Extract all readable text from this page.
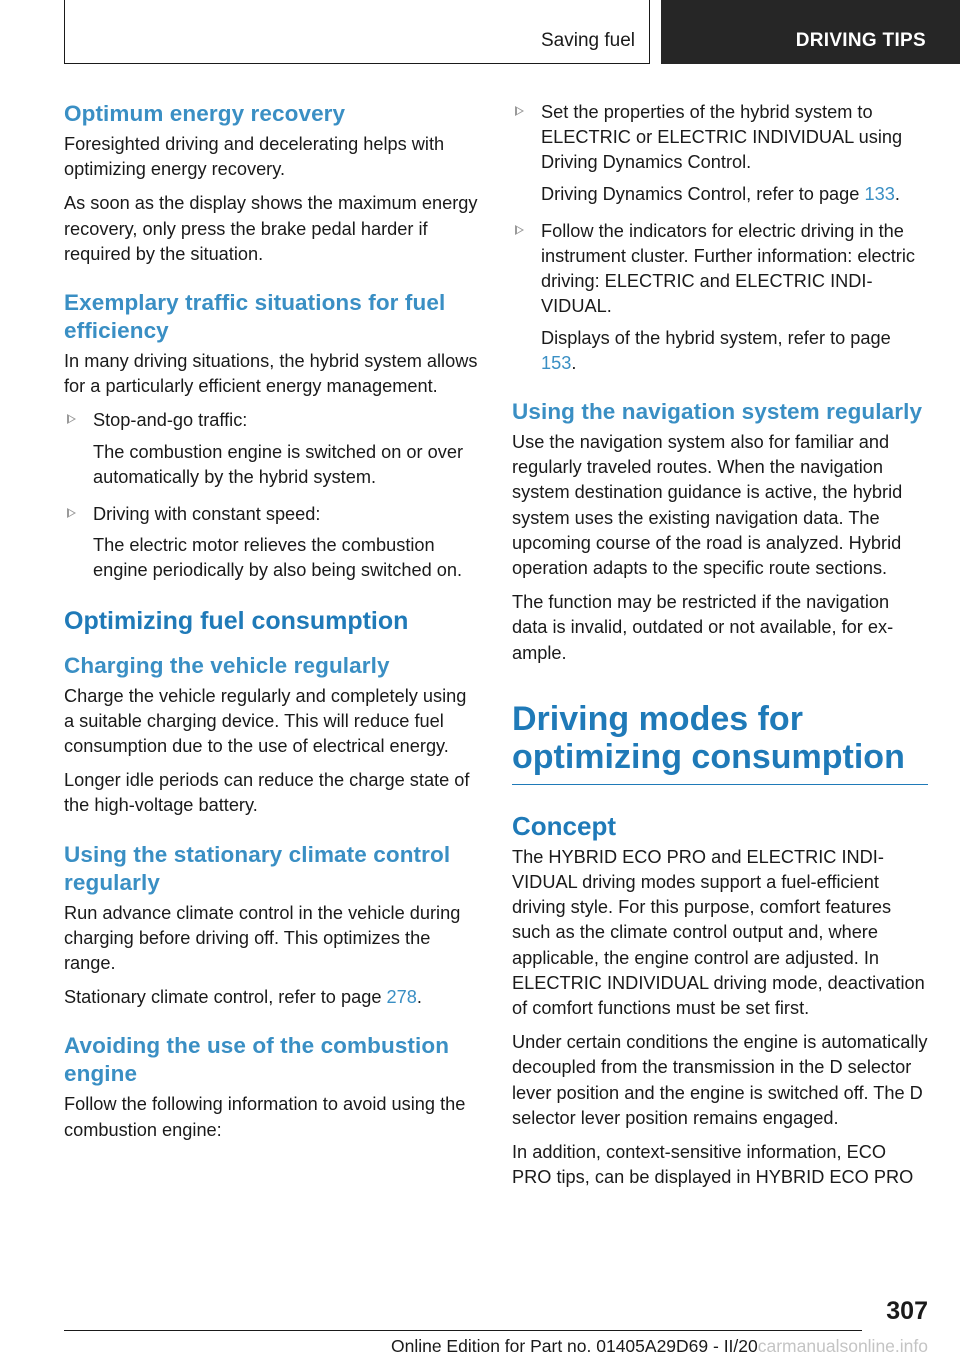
Saving fuel	DRIVING TIPS
Optimum energy recovery

Foresighted driving and decelerating helps with optimizing energy recovery.

As soon as the display shows the maximum energy recovery, only press the brake pedal harder if required by the situation.

Exemplary traffic situations for fuel efficiency

In many driving situations, the hybrid system allows for a particularly efficient energy management.

Stop-and-go traffic:

The combustion engine is switched on or over automatically by the hybrid system.

Driving with constant speed:

The electric motor relieves the combustion engine periodically by also being switched on.

Optimizing fuel consumption
Charging the vehicle regularly

Charge the vehicle regularly and completely using a suitable charging device. This will reduce fuel consumption due to the use of electrical energy.

Longer idle periods can reduce the charge state of the high-voltage battery.

Using the stationary climate control regularly

Run advance climate control in the vehicle during charging before driving off. This optimizes the range.

Stationary climate control, refer to page 278.

Avoiding the use of the combustion engine

Follow the following information to avoid using the combustion engine:

Set the properties of the hybrid system to ELECTRIC or ELECTRIC INDIVIDUAL using Driving Dynamics Control.

Driving Dynamics Control, refer to page 133.

Follow the indicators for electric driving in the instrument cluster. Further information: electric driving: ELECTRIC and ELECTRIC INDIVIDUAL.

Displays of the hybrid system, refer to page 153.

Using the navigation system regularly

Use the navigation system also for familiar and regularly traveled routes. When the navigation system destination guidance is active, the hybrid system uses the existing navigation data. The upcoming course of the road is analyzed. Hybrid operation adapts to the specific route sections.

The function may be restricted if the navigation data is invalid, outdated or not available, for example.

Driving modes for optimizing consumption
Concept

The HYBRID ECO PRO and ELECTRIC INDIVIDUAL driving modes support a fuel-efficient driving style. For this purpose, comfort features such as the climate control output and, where applicable, the engine control are adjusted. In ELECTRIC INDIVIDUAL driving mode, deactivation of comfort functions must be set first.

Under certain conditions the engine is automatically decoupled from the transmission in the D selector lever position and the engine is switched off. The D selector lever position remains engaged.

In addition, context-sensitive information, ECO PRO tips, can be displayed in HYBRID ECO PRO

307
Online Edition for Part no. 01405A29D69 - II/20carmanualsonline.info
